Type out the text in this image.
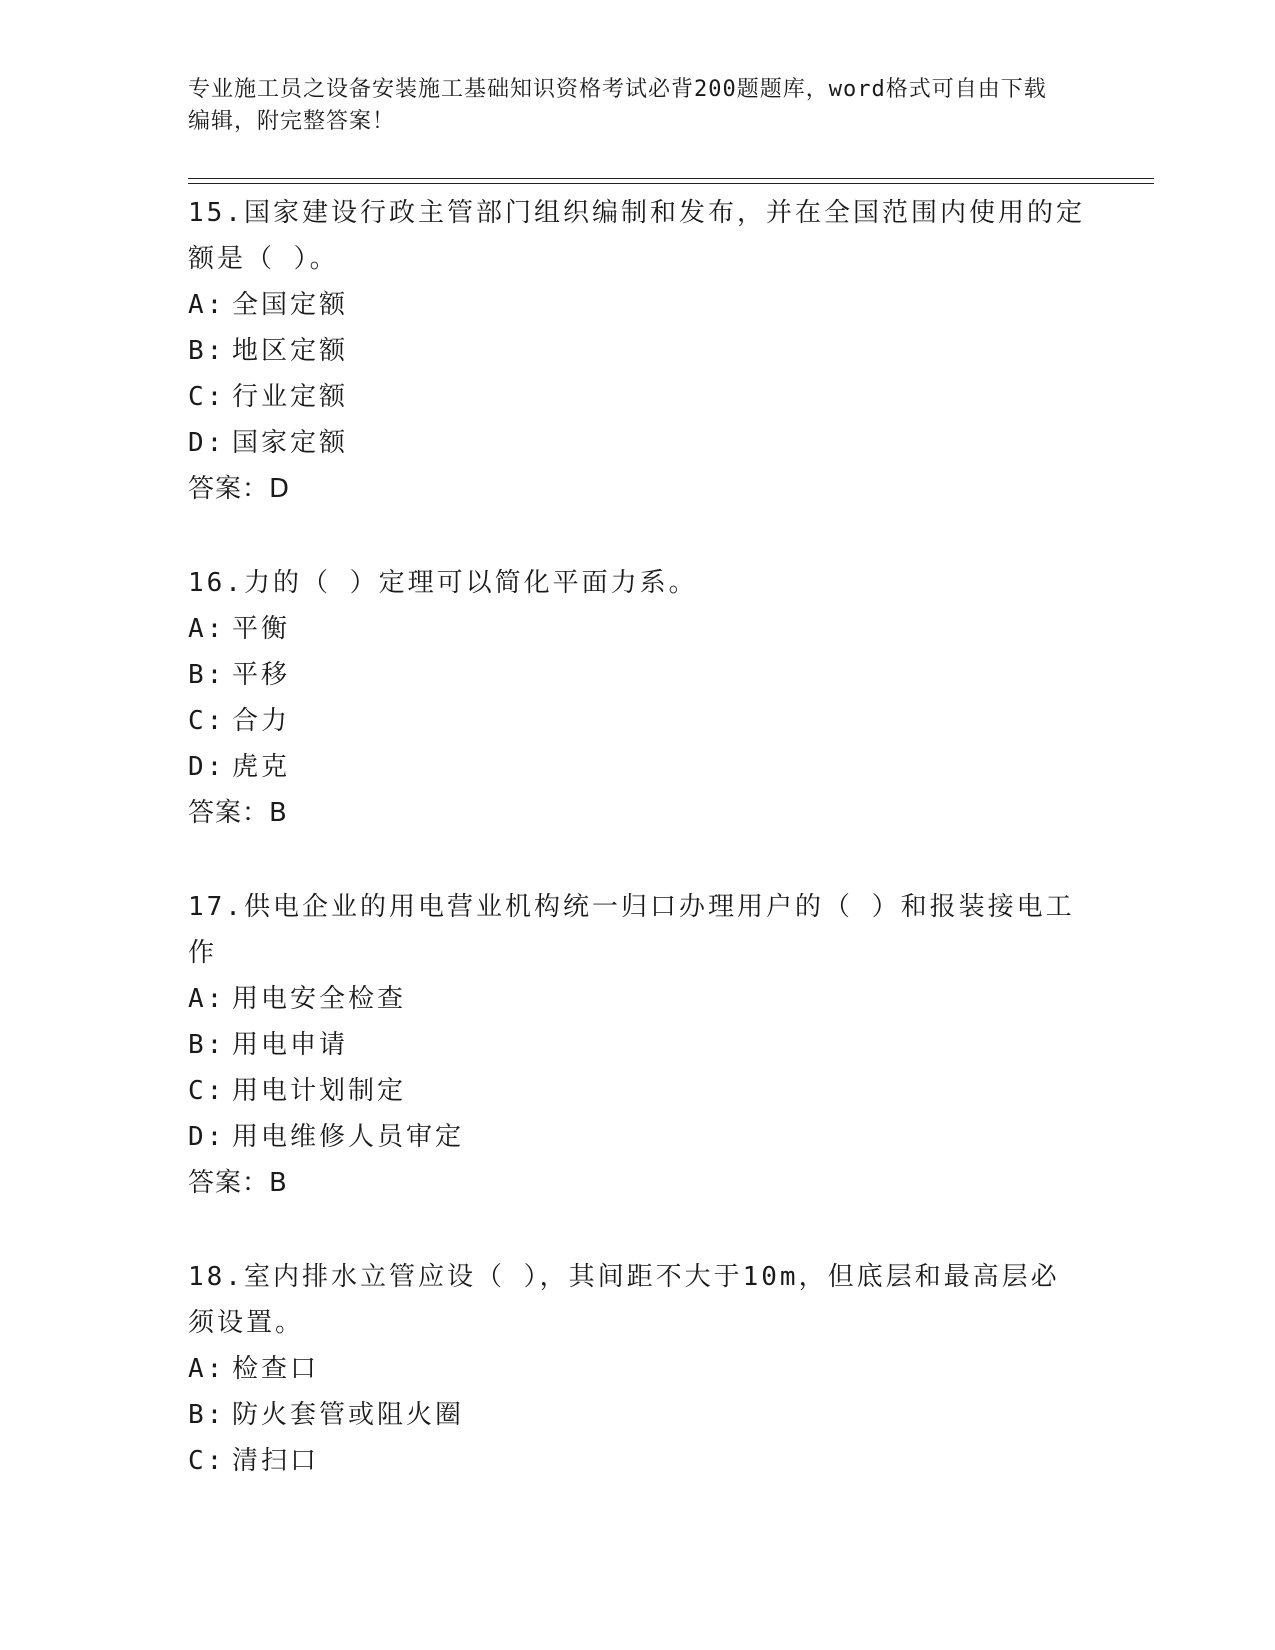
专业施工员之设备安装施工基础知识资格考试必背200题题库，word格式可自由下载编辑，附完整答案！
15.国家建设行政主管部门组织编制和发布，并在全国范围内使用的定额是（ ）。
A: 全国定额
B: 地区定额
C: 行业定额
D: 国家定额
答案：D
16.力的（ ）定理可以简化平面力系。
A: 平衡
B: 平移
C: 合力
D: 虎克
答案：B
17.供电企业的用电营业机构统一归口办理用户的（ ）和报装接电工作
A: 用电安全检查
B: 用电申请
C: 用电计划制定
D: 用电维修人员审定
答案：B
18.室内排水立管应设（ ），其间距不大于10m，但底层和最高层必须设置。
A: 检查口
B: 防火套管或阻火圈
C: 清扫口
